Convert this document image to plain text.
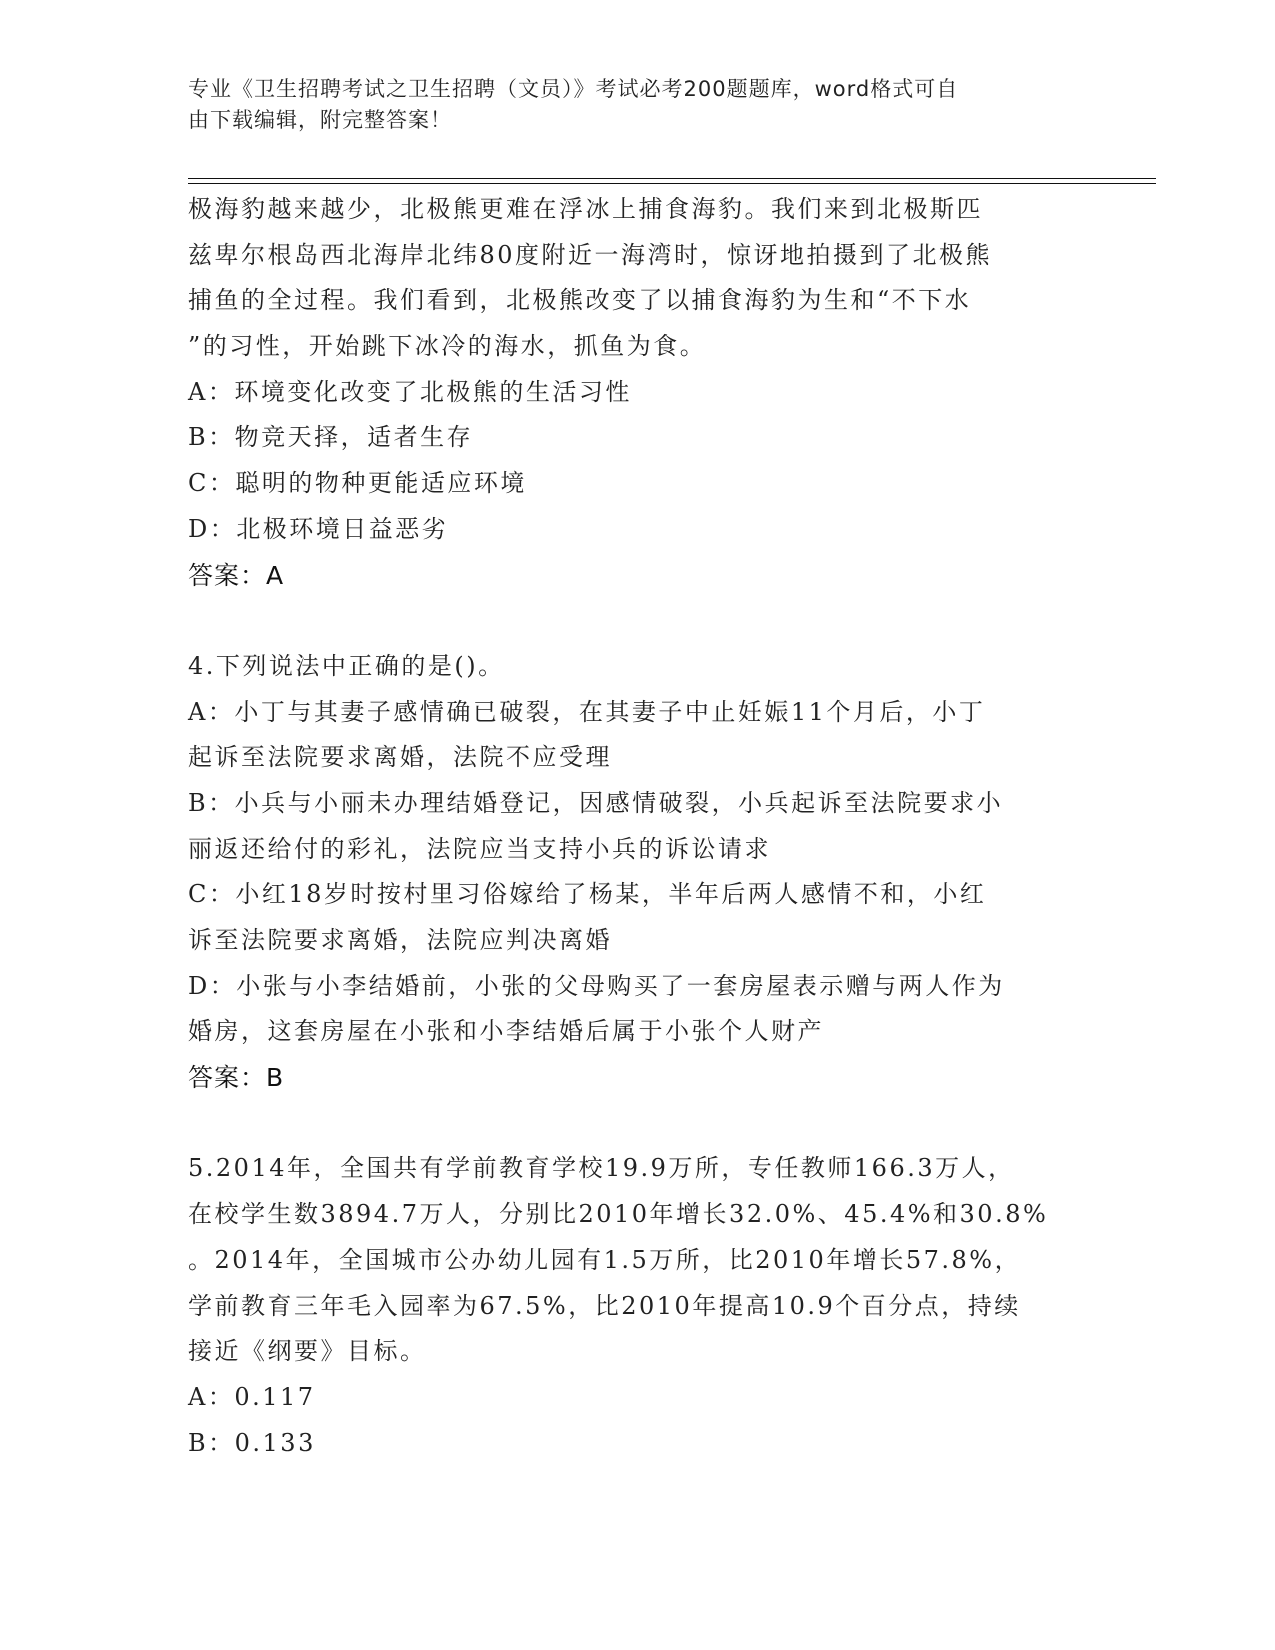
专业《卫生招聘考试之卫生招聘（文员）》考试必考200题题库，word格式可自
由下载编辑，附完整答案！
极海豹越来越少，北极熊更难在浮冰上捕食海豹。我们来到北极斯匹
兹卑尔根岛西北海岸北纬80度附近一海湾时，惊讶地拍摄到了北极熊
捕鱼的全过程。我们看到，北极熊改变了以捕食海豹为生和“不下水
”的习性，开始跳下冰冷的海水，抓鱼为食。
A：环境变化改变了北极熊的生活习性
B：物竞天择，适者生存
C：聪明的物种更能适应环境
D：北极环境日益恶劣
答案：A
4.下列说法中正确的是()。
A：小丁与其妻子感情确已破裂，在其妻子中止妊娠11个月后，小丁
起诉至法院要求离婚，法院不应受理
B：小兵与小丽未办理结婚登记，因感情破裂，小兵起诉至法院要求小
丽返还给付的彩礼，法院应当支持小兵的诉讼请求
C：小红18岁时按村里习俗嫁给了杨某，半年后两人感情不和，小红
诉至法院要求离婚，法院应判决离婚
D：小张与小李结婚前，小张的父母购买了一套房屋表示赠与两人作为
婚房，这套房屋在小张和小李结婚后属于小张个人财产
答案：B
5.2014年，全国共有学前教育学校19.9万所，专任教师166.3万人，
在校学生数3894.7万人，分别比2010年增长32.0%、45.4%和30.8%
。2014年，全国城市公办幼儿园有1.5万所，比2010年增长57.8%，
学前教育三年毛入园率为67.5%，比2010年提高10.9个百分点，持续
接近《纲要》目标。
A：0.117
B：0.133
